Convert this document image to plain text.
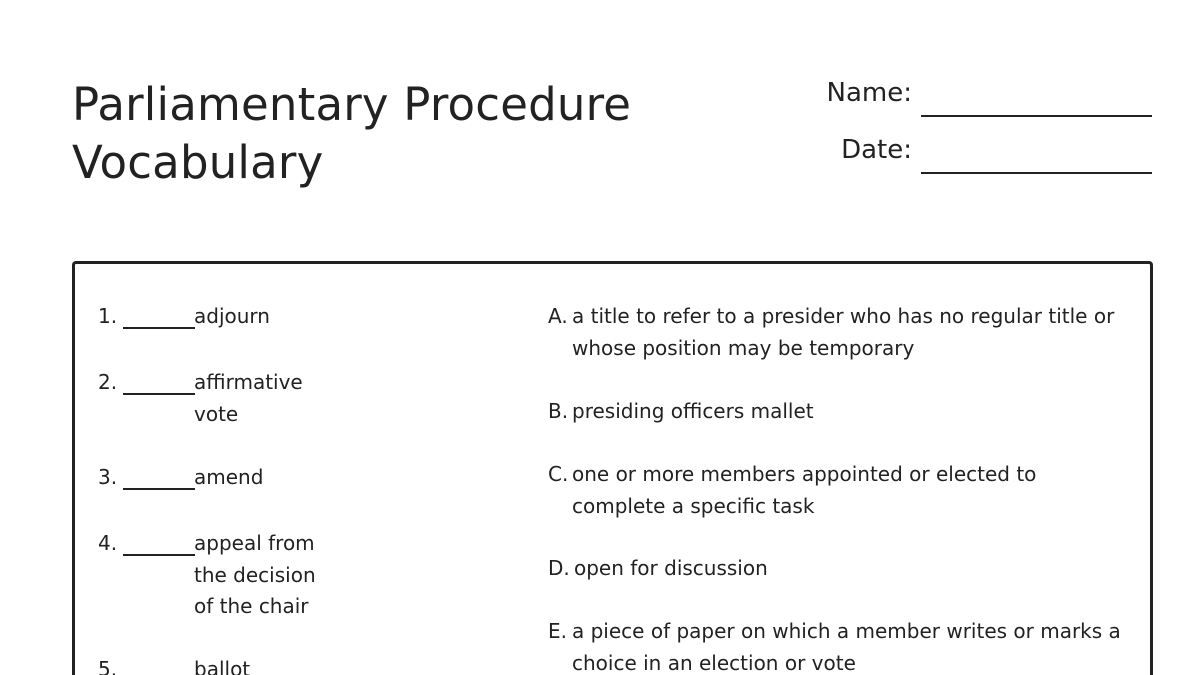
Parliamentary Procedure Vocabulary
Name:
Date:
1.	adjourn
2.	affirmative vote
3.	amend
4.	appeal from the decision of the chair
5.	ballot
A. a title to refer to a presider who has no regular title or whose position may be temporary
B. presiding officers mallet
C. one or more members appointed or elected to complete a specific task
D. open for discussion
E. a piece of paper on which a member writes or marks a choice in an election or vote
